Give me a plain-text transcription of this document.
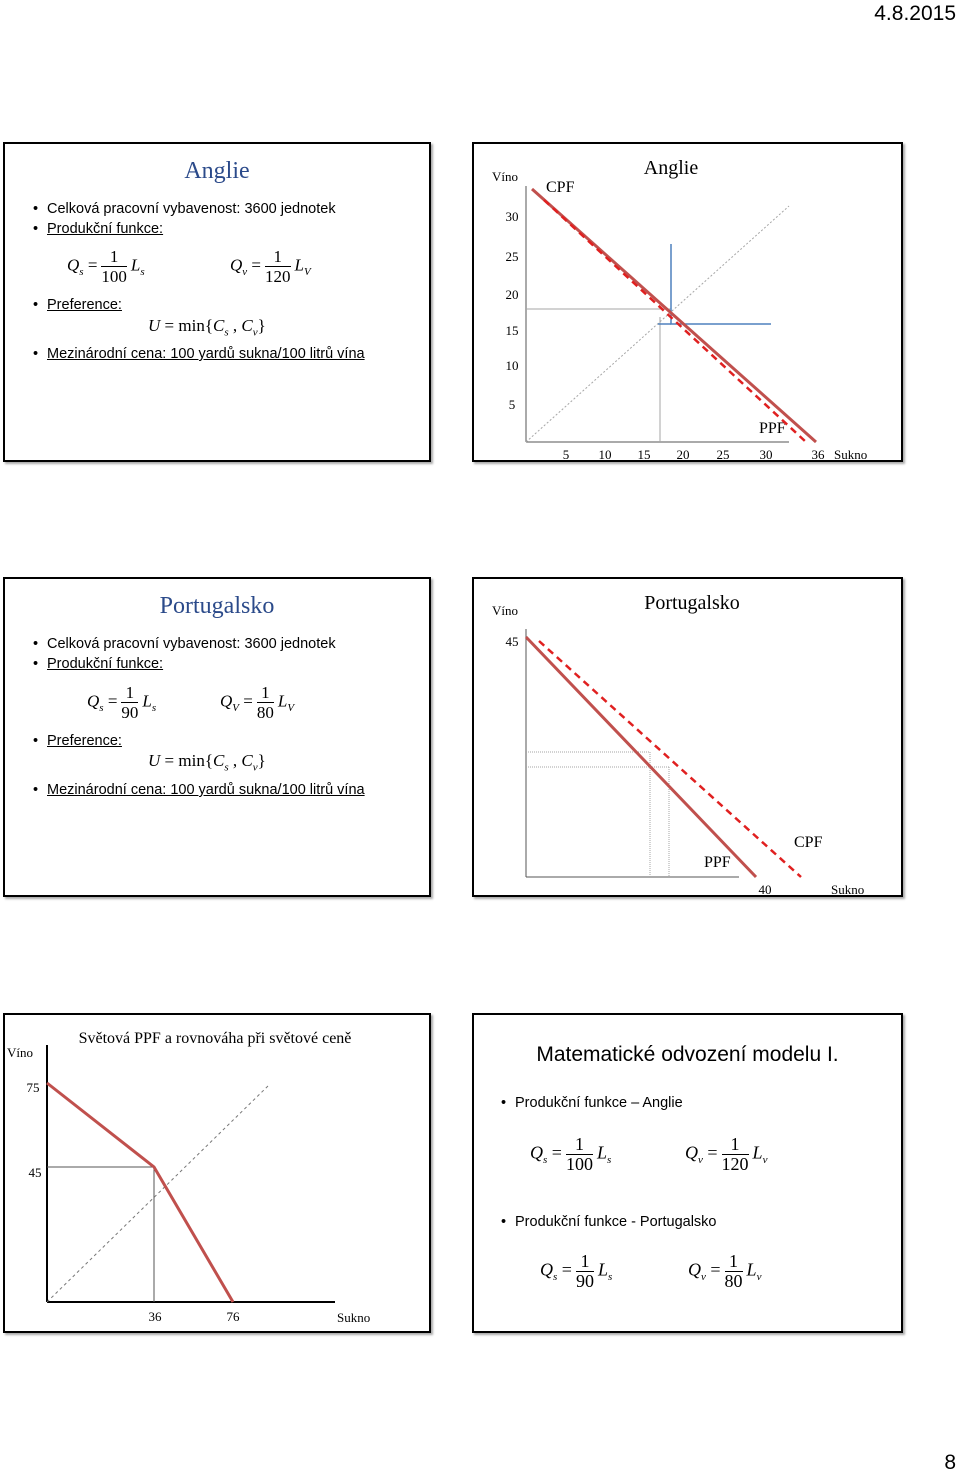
4.8.2015
Anglie
• Celková pracovní vybavenost: 3600 jednotek
• Produkční funkce:
$Q_s = \frac{1}{100} L_s$	$Q_v = \frac{1}{120} L_V$
• Preference:
$U = \min\{C_s$ , $C_v$}
• Mezinárodní cena: 100 yardů sukna/100 litrů vína
Víno	Anglie
CPF
PPF
30
25
20
15
10
5
5 10 15 20 25 30	36 Sukno
Portugalsko
• Celková pracovní vybavenost: 3600 jednotek
• Produkční funkce:
$Q_s = \frac{1}{90} L_s$	$Q_V = \frac{1}{80} L_V$
• Preference:
$U = \min\{C_s$ , $C_v$}
• Mezinárodní cena: 100 yardů sukna/100 litrů vína
Víno	Portugalsko
45
PPF
CPF
40	Sukno
Víno
Světová PPF a rovnováha při světové ceně
75
45
36	76	Sukno
Matematické odvození modelu I.
• Produkční funkce – Anglie
$Q_s = \frac{1}{100} L_s$	$Q_v = \frac{1}{120} L_v$
• Produkční funkce - Portugalsko
$Q_s = \frac{1}{90} L_s$	$Q_v = \frac{1}{80} L_v$
8
